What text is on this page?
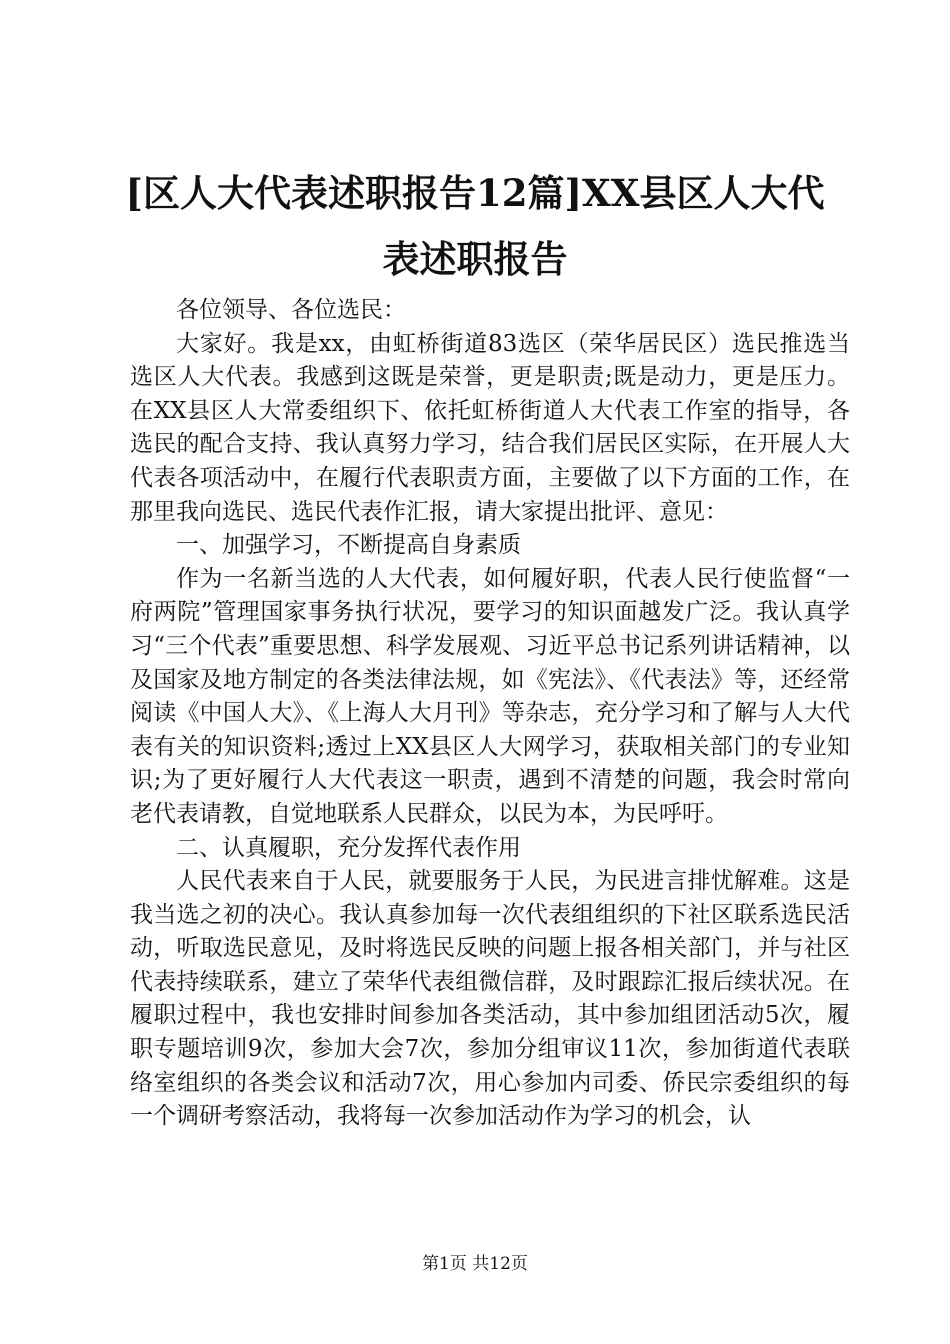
[区人大代表述职报告12篇]XX县区人大代表述职报告

各位领导、各位选民：

大家好。我是xx，由虹桥街道83选区（荣华居民区）选民推选当选区人大代表。我感到这既是荣誉，更是职责;既是动力，更是压力。在XX县区人大常委组织下、依托虹桥街道人大代表工作室的指导，各选民的配合支持、我认真努力学习，结合我们居民区实际，在开展人大代表各项活动中，在履行代表职责方面，主要做了以下方面的工作，在那里我向选民、选民代表作汇报，请大家提出批评、意见：

一、加强学习，不断提高自身素质

作为一名新当选的人大代表，如何履好职，代表人民行使监督“一府两院”管理国家事务执行状况，要学习的知识面越发广泛。我认真学习“三个代表”重要思想、科学发展观、习近平总书记系列讲话精神，以及国家及地方制定的各类法律法规，如《宪法》、《代表法》等，还经常阅读《中国人大》、《上海人大月刊》等杂志，充分学习和了解与人大代表有关的知识资料;透过上XX县区人大网学习，获取相关部门的专业知识;为了更好履行人大代表这一职责，遇到不清楚的问题，我会时常向老代表请教，自觉地联系人民群众，以民为本，为民呼吁。

二、认真履职，充分发挥代表作用

人民代表来自于人民，就要服务于人民，为民进言排忧解难。这是我当选之初的决心。我认真参加每一次代表组组织的下社区联系选民活动，听取选民意见，及时将选民反映的问题上报各相关部门，并与社区代表持续联系，建立了荣华代表组微信群，及时跟踪汇报后续状况。在履职过程中，我也安排时间参加各类活动，其中参加组团活动5次，履职专题培训9次，参加大会7次，参加分组审议11次，参加街道代表联络室组织的各类会议和活动7次，用心参加内司委、侨民宗委组织的每一个调研考察活动，我将每一次参加活动作为学习的机会，认

第1页 共12页
